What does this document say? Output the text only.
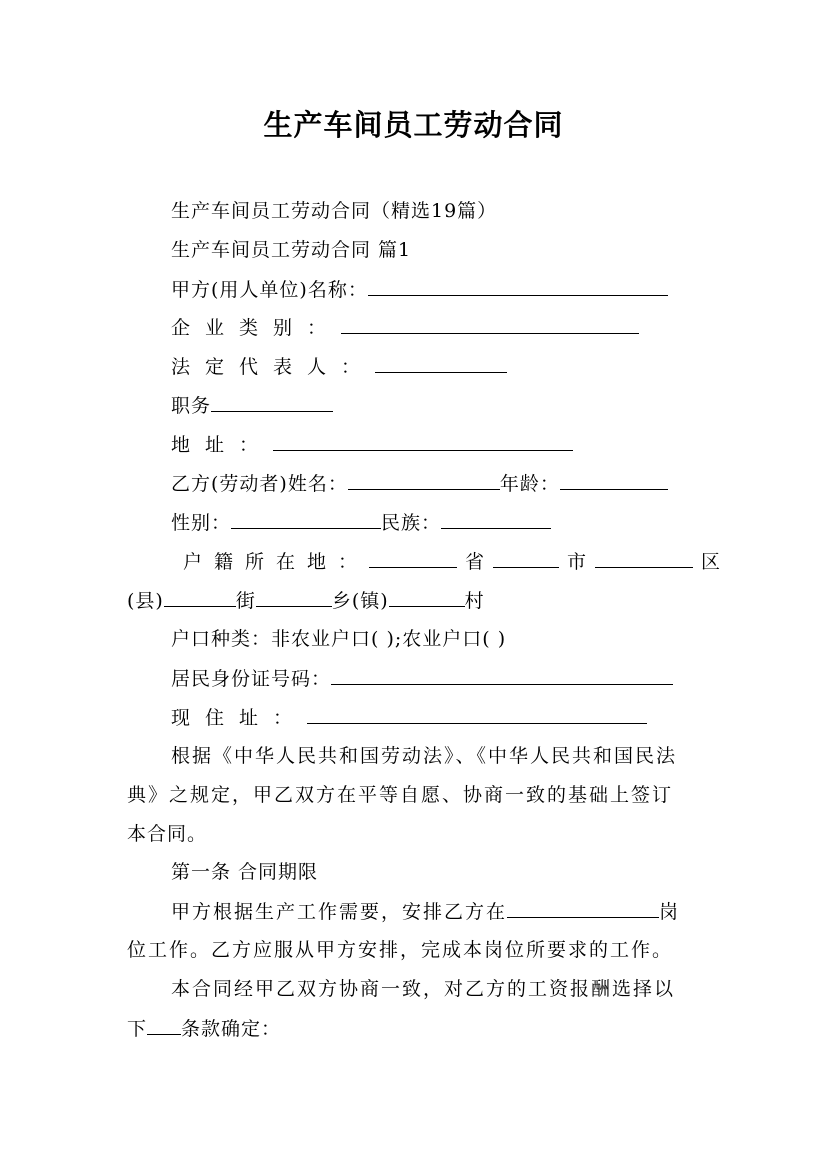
生产车间员工劳动合同
生产车间员工劳动合同（精选19篇）
生产车间员工劳动合同 篇1
甲方(用人单位)名称：
企业类别：
法定代表人：
职务
地址：
乙方(劳动者)姓名：	年龄：
性别：	民族：
户籍所在地：	省	市	区
(县)	街	乡(镇)	村
户口种类：非农业户口( );农业户口( )
居民身份证号码：
现住址：
根据《中华人民共和国劳动法》、《中华人民共和国民法
典》之规定，甲乙双方在平等自愿、协商一致的基础上签订
本合同。
第一条 合同期限
甲方根据生产工作需要，安排乙方在	岗
位工作。乙方应服从甲方安排，完成本岗位所要求的工作。
本合同经甲乙双方协商一致，对乙方的工资报酬选择以
下 条款确定：
